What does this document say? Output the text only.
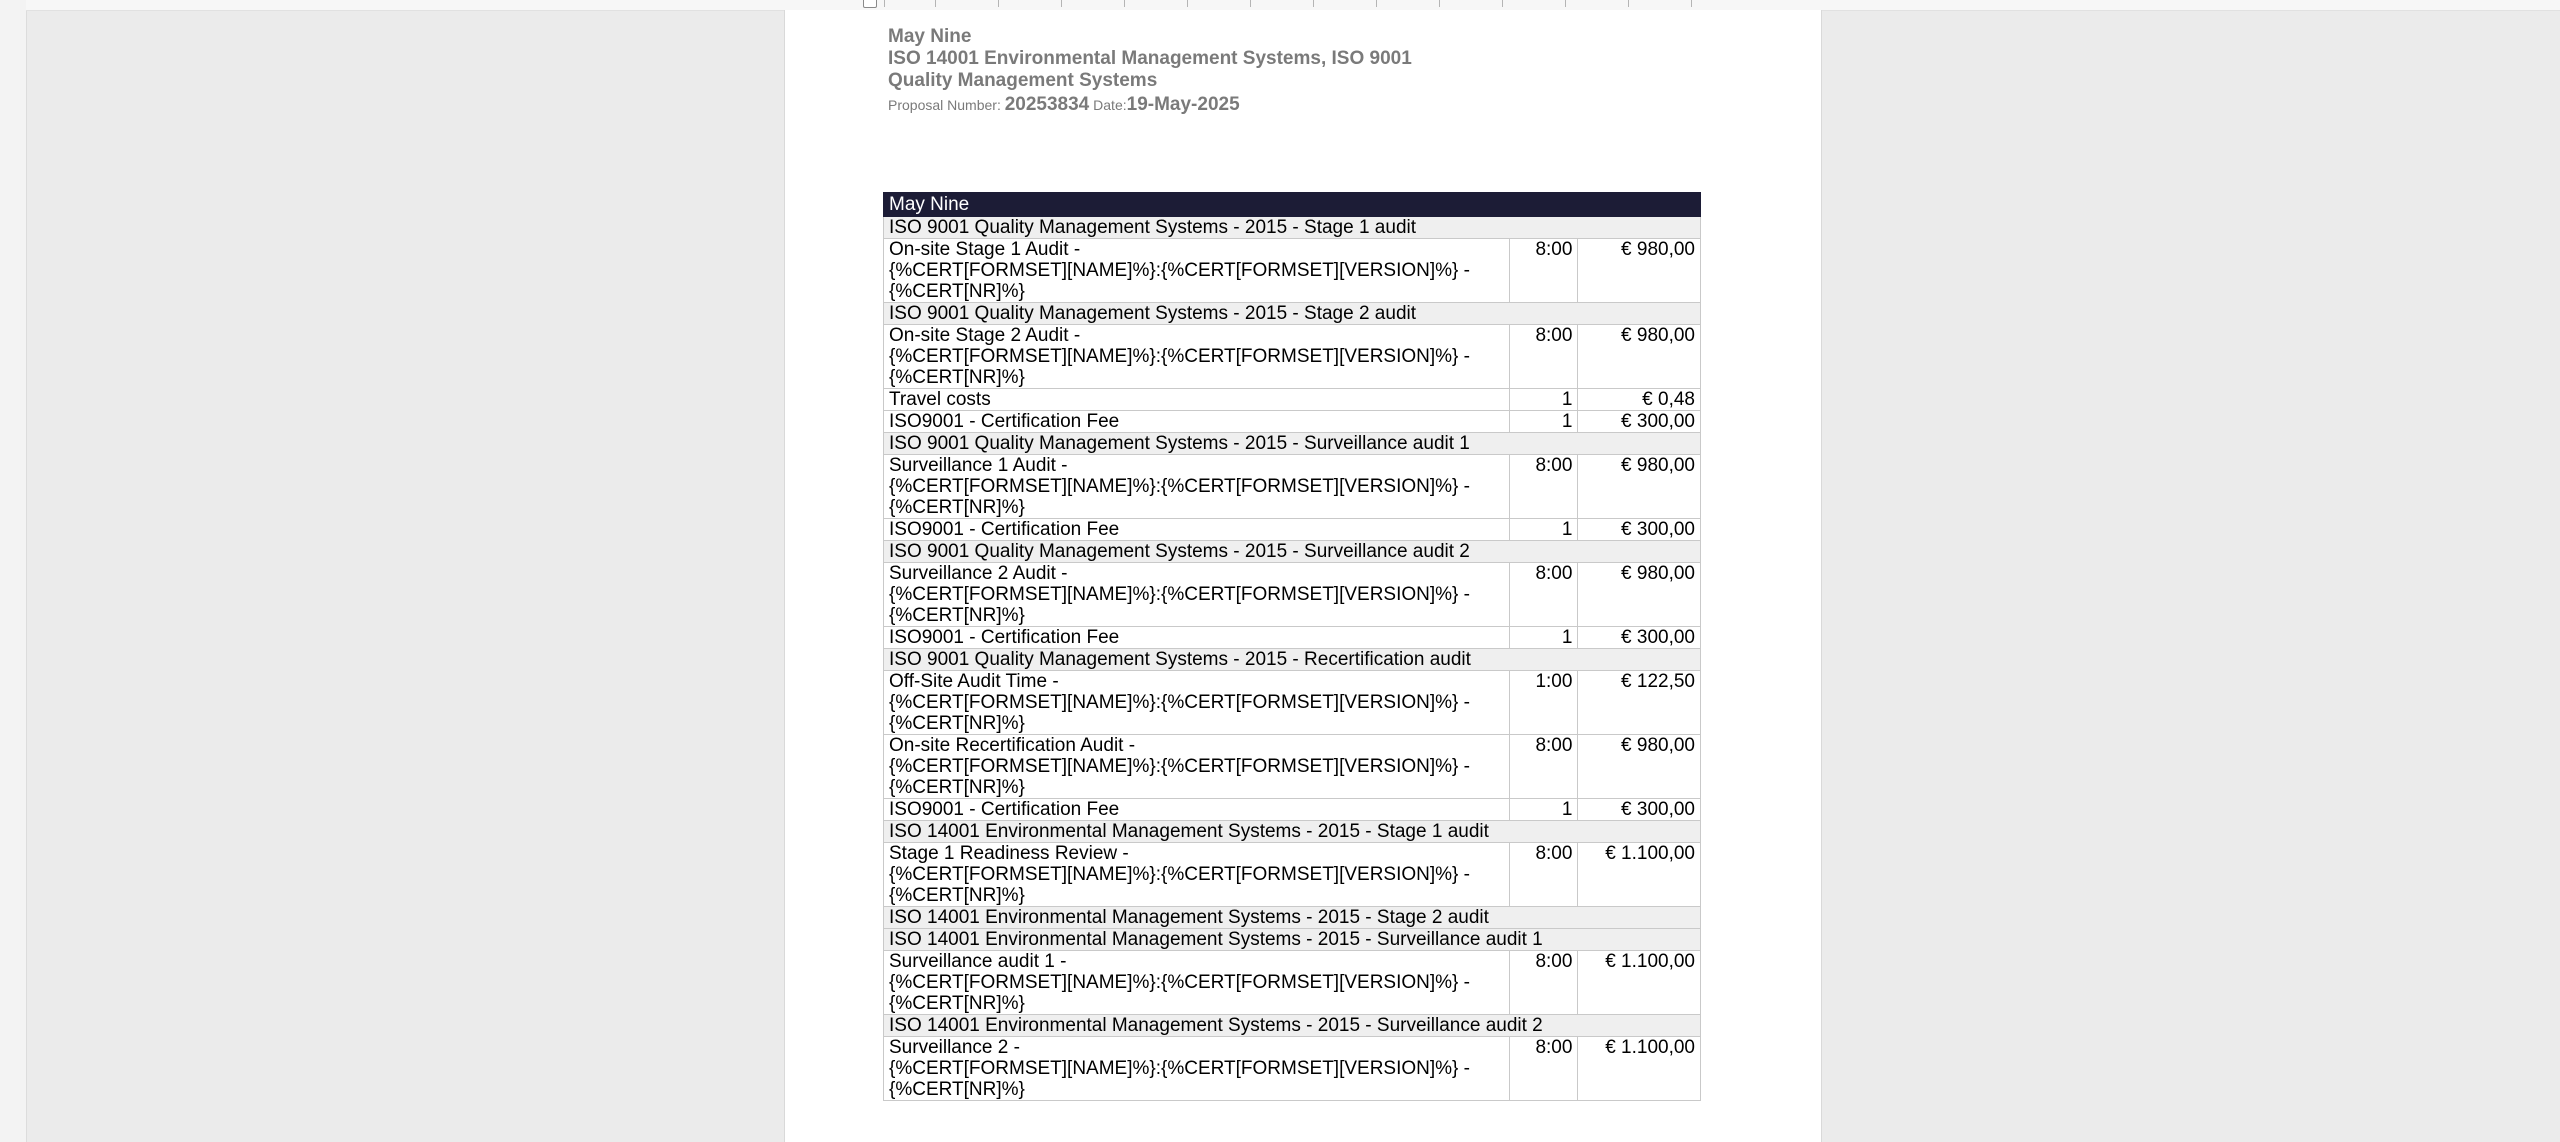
May Nine
ISO 14001 Environmental Management Systems, ISO 9001
Quality Management Systems
Proposal Number: 20253834 Date:19-May-2025
May Nine		
ISO 9001 Quality Management Systems - 2015 - Stage 1 audit		

On-site Stage 1 Audit -
{%CERT[FORMSET][NAME]%}:{%CERT[FORMSET][VERSION]%} -
{%CERT[NR]%}	8:00	€ 980,00
ISO 9001 Quality Management Systems - 2015 - Stage 2 audit		

On-site Stage 2 Audit -
{%CERT[FORMSET][NAME]%}:{%CERT[FORMSET][VERSION]%} -
{%CERT[NR]%}	8:00	€ 980,00

Travel costs	1	€ 0,48

ISO9001 - Certification Fee	1	€ 300,00
ISO 9001 Quality Management Systems - 2015 - Surveillance audit 1		

Surveillance 1 Audit -
{%CERT[FORMSET][NAME]%}:{%CERT[FORMSET][VERSION]%} -
{%CERT[NR]%}	8:00	€ 980,00

ISO9001 - Certification Fee	1	€ 300,00
ISO 9001 Quality Management Systems - 2015 - Surveillance audit 2		

Surveillance 2 Audit -
{%CERT[FORMSET][NAME]%}:{%CERT[FORMSET][VERSION]%} -
{%CERT[NR]%}	8:00	€ 980,00

ISO9001 - Certification Fee	1	€ 300,00
ISO 9001 Quality Management Systems - 2015 - Recertification audit		

Off-Site Audit Time -
{%CERT[FORMSET][NAME]%}:{%CERT[FORMSET][VERSION]%} -
{%CERT[NR]%}	1:00	€ 122,50

On-site Recertification Audit -
{%CERT[FORMSET][NAME]%}:{%CERT[FORMSET][VERSION]%} -
{%CERT[NR]%}	8:00	€ 980,00

ISO9001 - Certification Fee	1	€ 300,00
ISO 14001 Environmental Management Systems - 2015 - Stage 1 audit		

Stage 1 Readiness Review -
{%CERT[FORMSET][NAME]%}:{%CERT[FORMSET][VERSION]%} -
{%CERT[NR]%}	8:00	€ 1.100,00
ISO 14001 Environmental Management Systems - 2015 - Stage 2 audit		
ISO 14001 Environmental Management Systems - 2015 - Surveillance audit 1		

Surveillance audit 1 -
{%CERT[FORMSET][NAME]%}:{%CERT[FORMSET][VERSION]%} -
{%CERT[NR]%}	8:00	€ 1.100,00
ISO 14001 Environmental Management Systems - 2015 - Surveillance audit 2		

Surveillance 2 -
{%CERT[FORMSET][NAME]%}:{%CERT[FORMSET][VERSION]%} -
{%CERT[NR]%}	8:00	€ 1.100,00
